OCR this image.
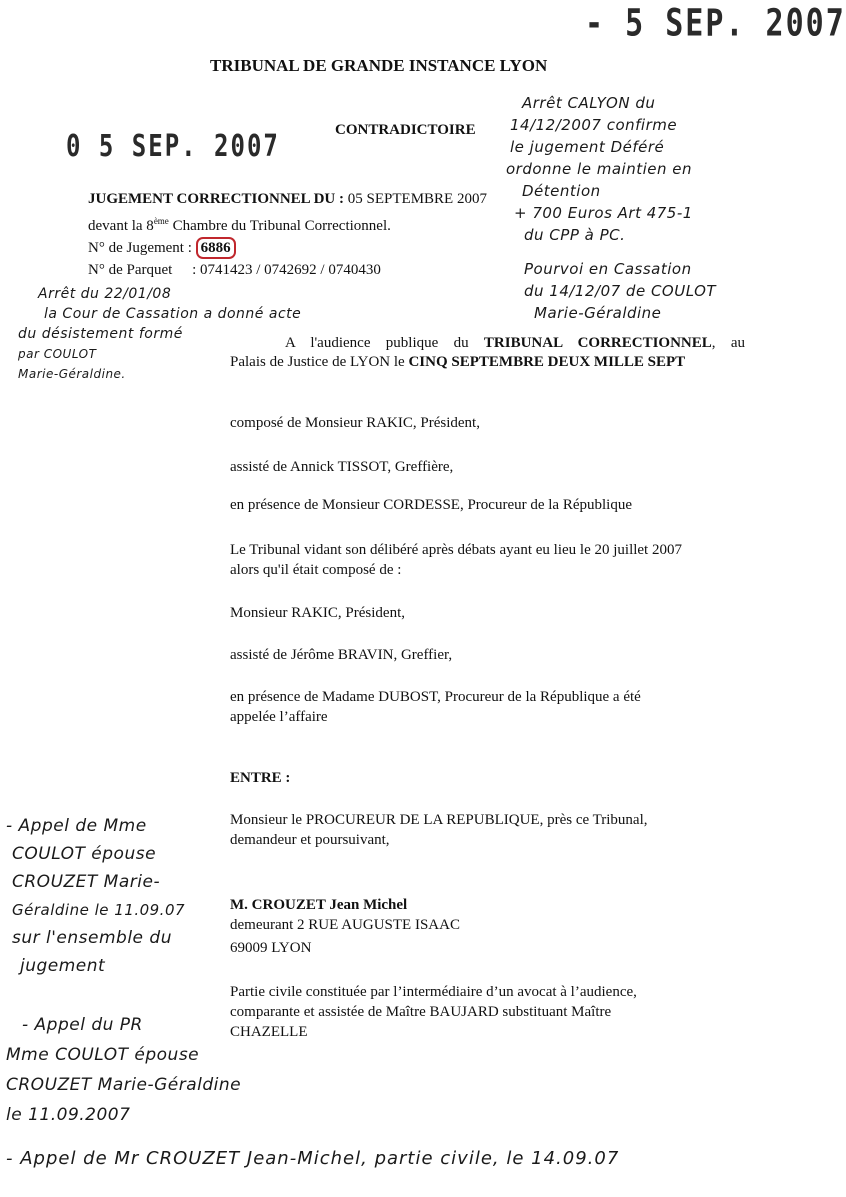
- 5 SEP. 2007
0 5 SEP. 2007
TRIBUNAL DE GRANDE INSTANCE LYON
CONTRADICTOIRE
Arrêt CALYON du
14/12/2007 confirme
le jugement Déféré
ordonne le maintien en
Détention
+ 700 Euros Art 475-1
du CPP à PC.
JUGEMENT CORRECTIONNEL DU : 05 SEPTEMBRE 2007
devant la 8ème Chambre du Tribunal Correctionnel.
N° de Jugement : 6886
N° de Parquet : 0741423 / 0742692 / 0740430	Pourvoi en Cassation
du 14/12/07 de COULOT
Marie-Géraldine
Arrêt du 22/01/08
la Cour de Cassation a donné acte
du désistement formé
par COULOT
Marie-Géraldine.
A l'audience publique du TRIBUNAL CORRECTIONNEL, au
Palais de Justice de LYON le CINQ SEPTEMBRE DEUX MILLE SEPT
composé de Monsieur RAKIC, Président,
assisté de Annick TISSOT, Greffière,
en présence de Monsieur CORDESSE, Procureur de la République
Le Tribunal vidant son délibéré après débats ayant eu lieu le 20 juillet 2007
alors qu'il était composé de :
Monsieur RAKIC, Président,
assisté de Jérôme BRAVIN, Greffier,
en présence de Madame DUBOST, Procureur de la République a été
appelée l’affaire
ENTRE :
Monsieur le PROCUREUR DE LA REPUBLIQUE, près ce Tribunal,
demandeur et poursuivant,
M. CROUZET Jean Michel
demeurant 2 RUE AUGUSTE ISAAC
69009 LYON
Partie civile constituée par l’intermédiaire d’un avocat à l’audience,
comparante et assistée de Maître BAUJARD substituant Maître
CHAZELLE
- Appel de Mme
COULOT épouse
CROUZET Marie-
Géraldine le 11.09.07
sur l'ensemble du
jugement
- Appel du PR
Mme COULOT épouse
CROUZET Marie-Géraldine
le 11.09.2007
- Appel de Mr CROUZET Jean-Michel, partie civile, le 14.09.07
